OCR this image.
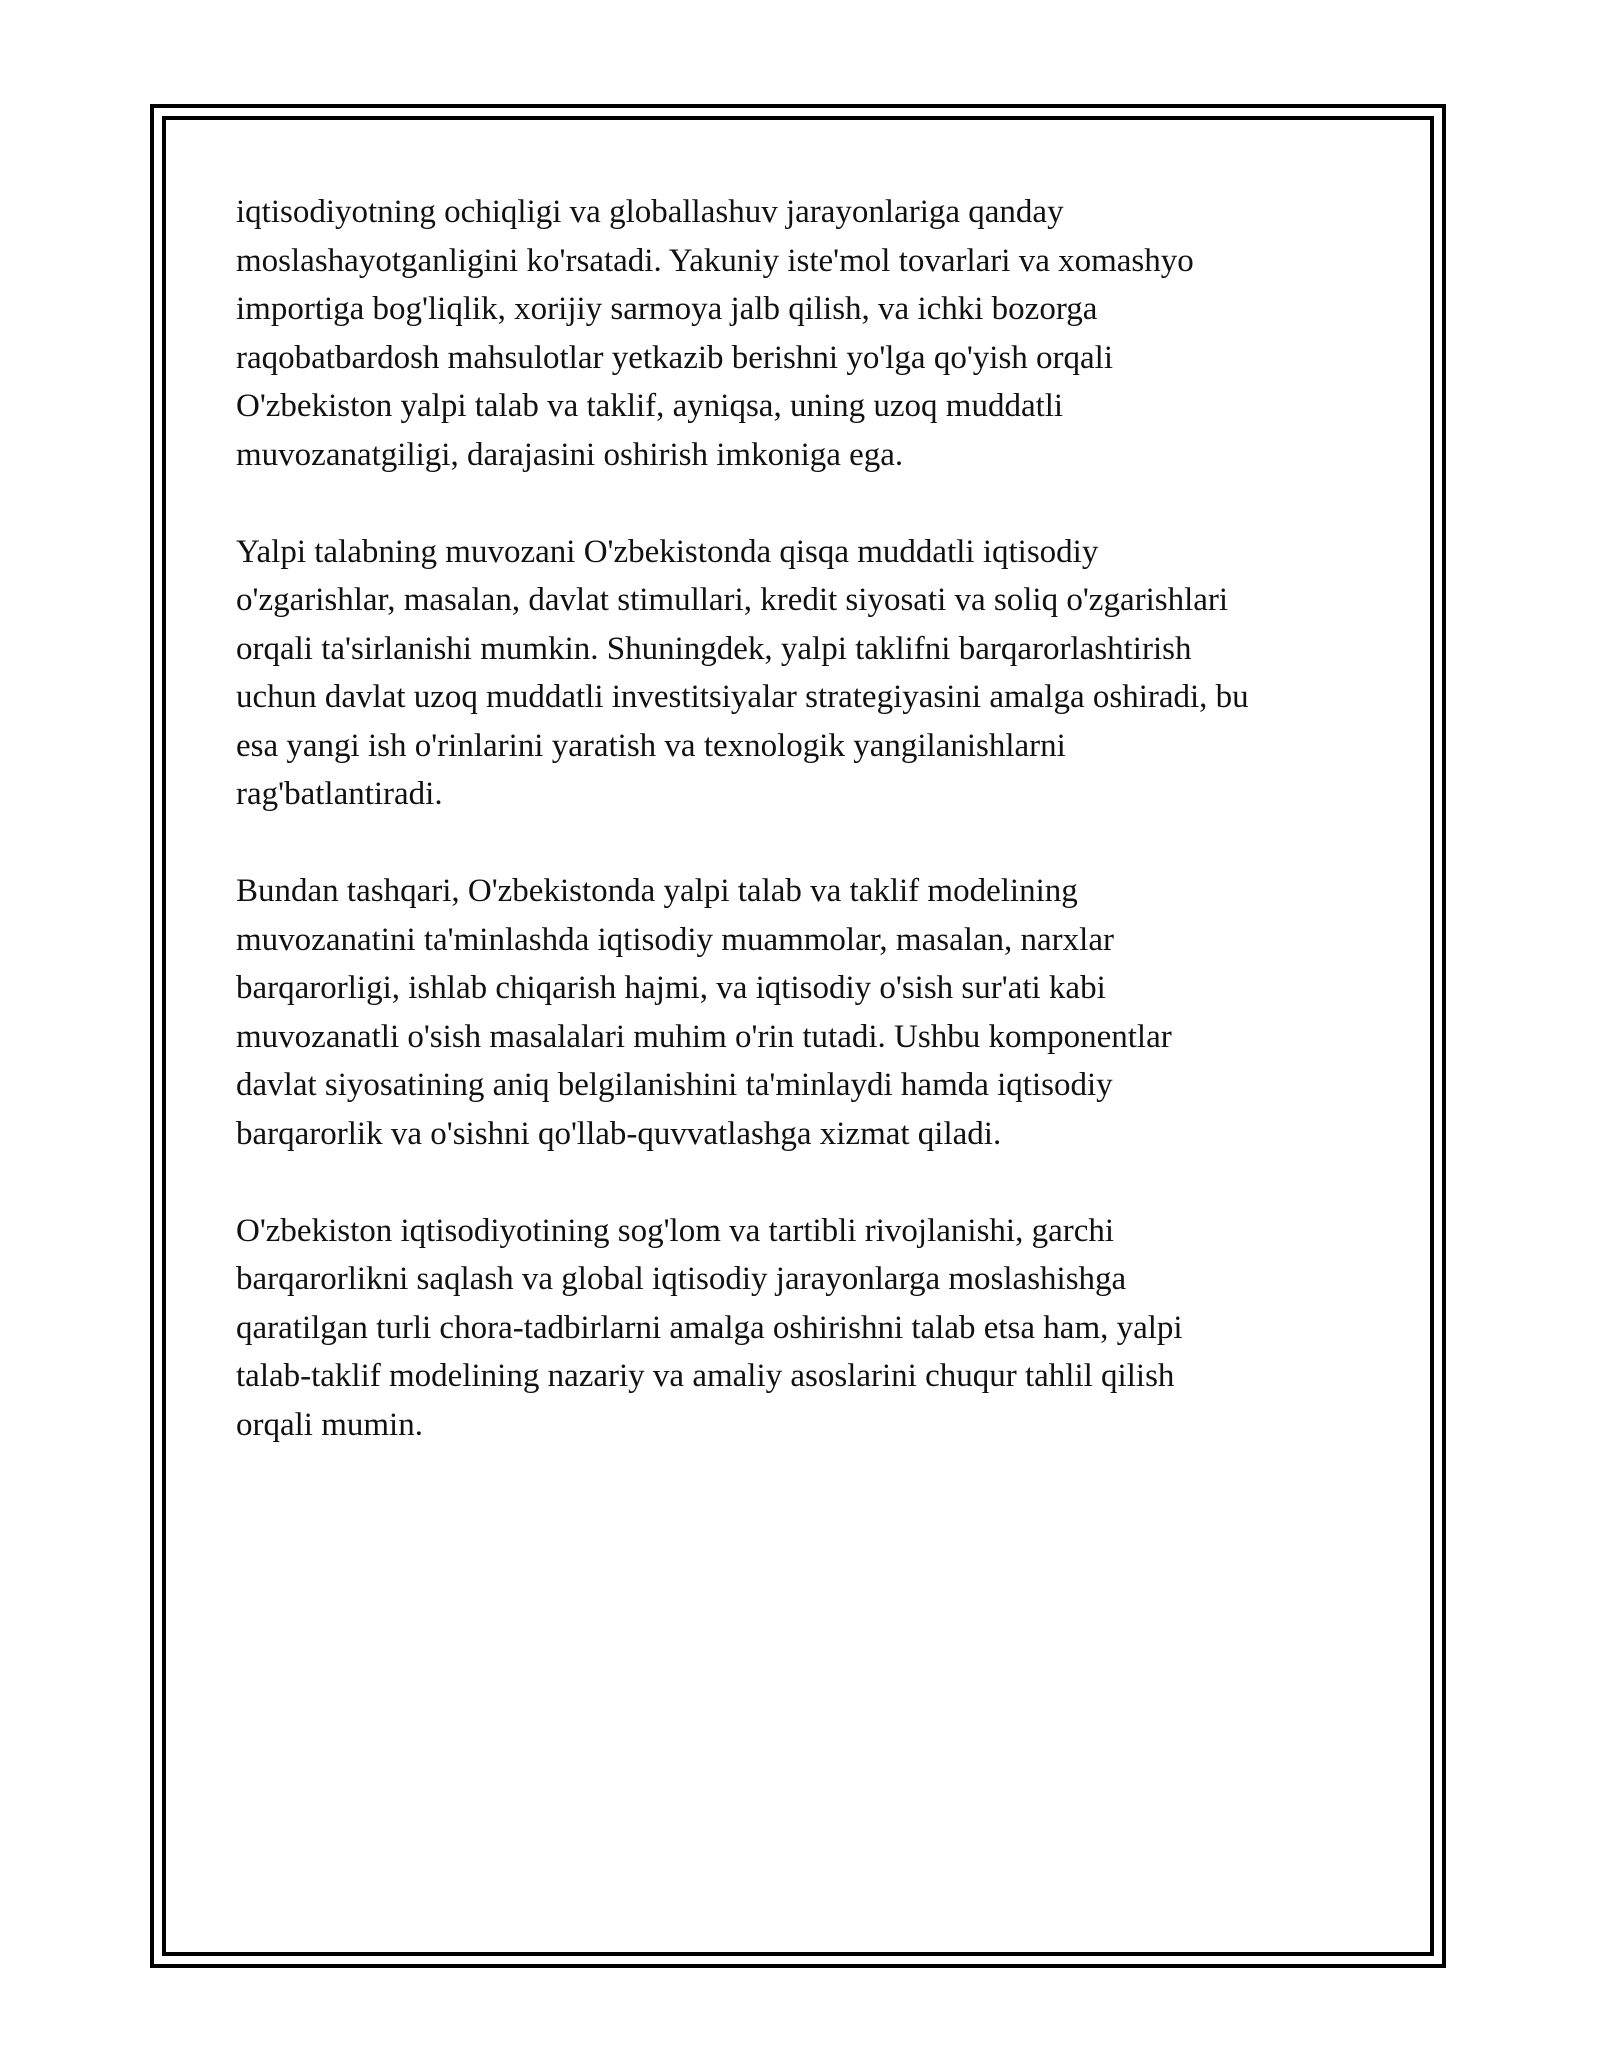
iqtisodiyotning ochiqligi va globallashuv jarayonlariga qanday
moslashayotganligini ko'rsatadi. Yakuniy iste'mol tovarlari va xomashyo
importiga bog'liqlik, xorijiy sarmoya jalb qilish, va ichki bozorga
raqobatbardosh mahsulotlar yetkazib berishni yo'lga qo'yish orqali
O'zbekiston yalpi talab va taklif, ayniqsa, uning uzoq muddatli
muvozanatgiligi, darajasini oshirish imkoniga ega.

Yalpi talabning muvozani O'zbekistonda qisqa muddatli iqtisodiy
o'zgarishlar, masalan, davlat stimullari, kredit siyosati va soliq o'zgarishlari
orqali ta'sirlanishi mumkin. Shuningdek, yalpi taklifni barqarorlashtirish
uchun davlat uzoq muddatli investitsiyalar strategiyasini amalga oshiradi, bu
esa yangi ish o'rinlarini yaratish va texnologik yangilanishlarni
rag'batlantiradi.

Bundan tashqari, O'zbekistonda yalpi talab va taklif modelining
muvozanatini ta'minlashda iqtisodiy muammolar, masalan, narxlar
barqarorligi, ishlab chiqarish hajmi, va iqtisodiy o'sish sur'ati kabi
muvozanatli o'sish masalalari muhim o'rin tutadi. Ushbu komponentlar
davlat siyosatining aniq belgilanishini ta'minlaydi hamda iqtisodiy
barqarorlik va o'sishni qo'llab-quvvatlashga xizmat qiladi.

O'zbekiston iqtisodiyotining sog'lom va tartibli rivojlanishi, garchi
barqarorlikni saqlash va global iqtisodiy jarayonlarga moslashishga
qaratilgan turli chora-tadbirlarni amalga oshirishni talab etsa ham, yalpi
talab-taklif modelining nazariy va amaliy asoslarini chuqur tahlil qilish
orqali mumin.
